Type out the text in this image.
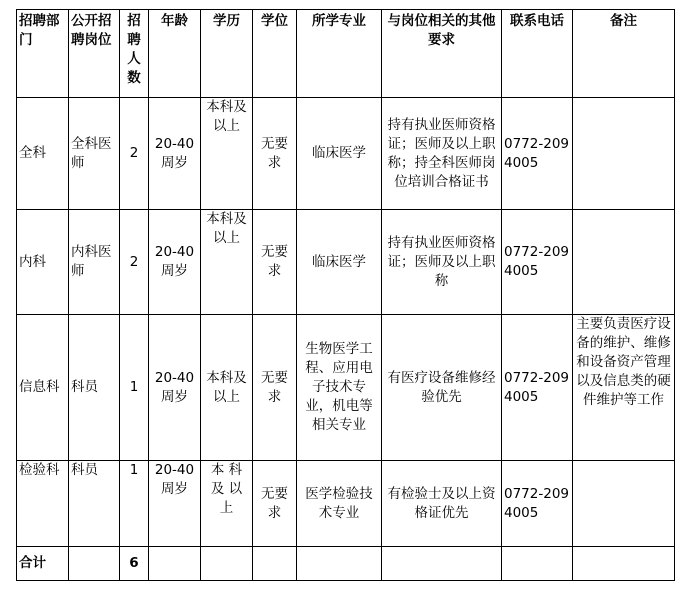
招聘部门	公开招聘岗位	招聘人数	年龄	学历	学位	所学专业	与岗位相关的其他要求	联系电话	备注
全科	全科医师	2	20-40周岁	本科及以上	无要求	临床医学	持有执业医师资格证；医师及以上职称；持全科医师岗位培训合格证书	0772-2094005	
内科	内科医师	2	20-40周岁	本科及以上	无要求	临床医学	持有执业医师资格证；医师及以上职称	0772-2094005	
信息科	科员	1	20-40周岁	本科及以上	无要求	生物医学工程、应用电子技术专业，机电等相关专业	有医疗设备维修经验优先	0772-2094005	主要负责医疗设备的维护、维修和设备资产管理以及信息类的硬件维护等工作
检验科	科员	1	20-40周岁	本 科 及 以 上	无要求	医学检验技术专业	有检验士及以上资格证优先	0772-2094005	
合计		6							
